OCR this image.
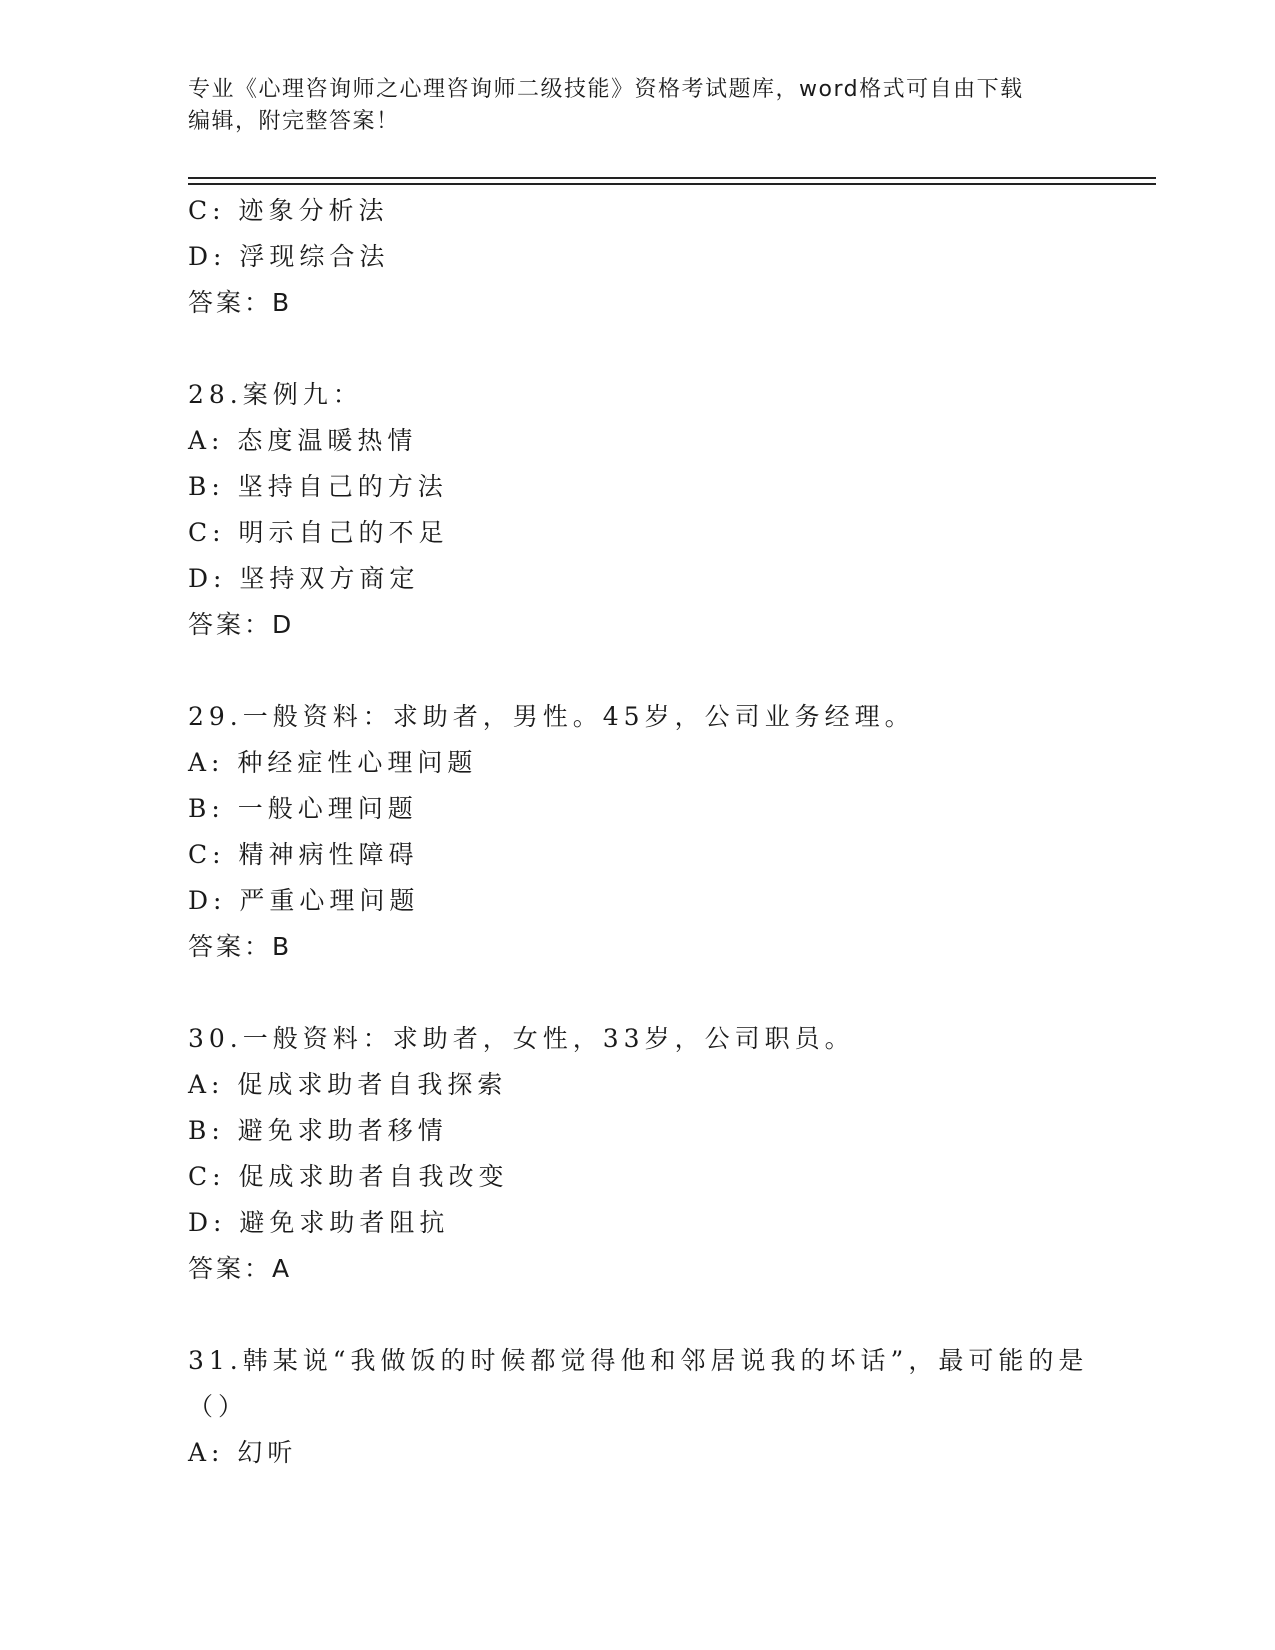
专业《心理咨询师之心理咨询师二级技能》资格考试题库，word格式可自由下载
编辑，附完整答案！
C: 迹象分析法
D: 浮现综合法
答案：B
28.案例九：
A: 态度温暖热情
B: 坚持自己的方法
C: 明示自己的不足
D: 坚持双方商定
答案：D
29.一般资料：求助者，男性。45岁，公司业务经理。
A: 种经症性心理问题
B: 一般心理问题
C: 精神病性障碍
D: 严重心理问题
答案：B
30.一般资料：求助者，女性，33岁，公司职员。
A: 促成求助者自我探索
B: 避免求助者移情
C: 促成求助者自我改变
D: 避免求助者阻抗
答案：A
31.韩某说“我做饭的时候都觉得他和邻居说我的坏话”，最可能的是
（）
A: 幻听
